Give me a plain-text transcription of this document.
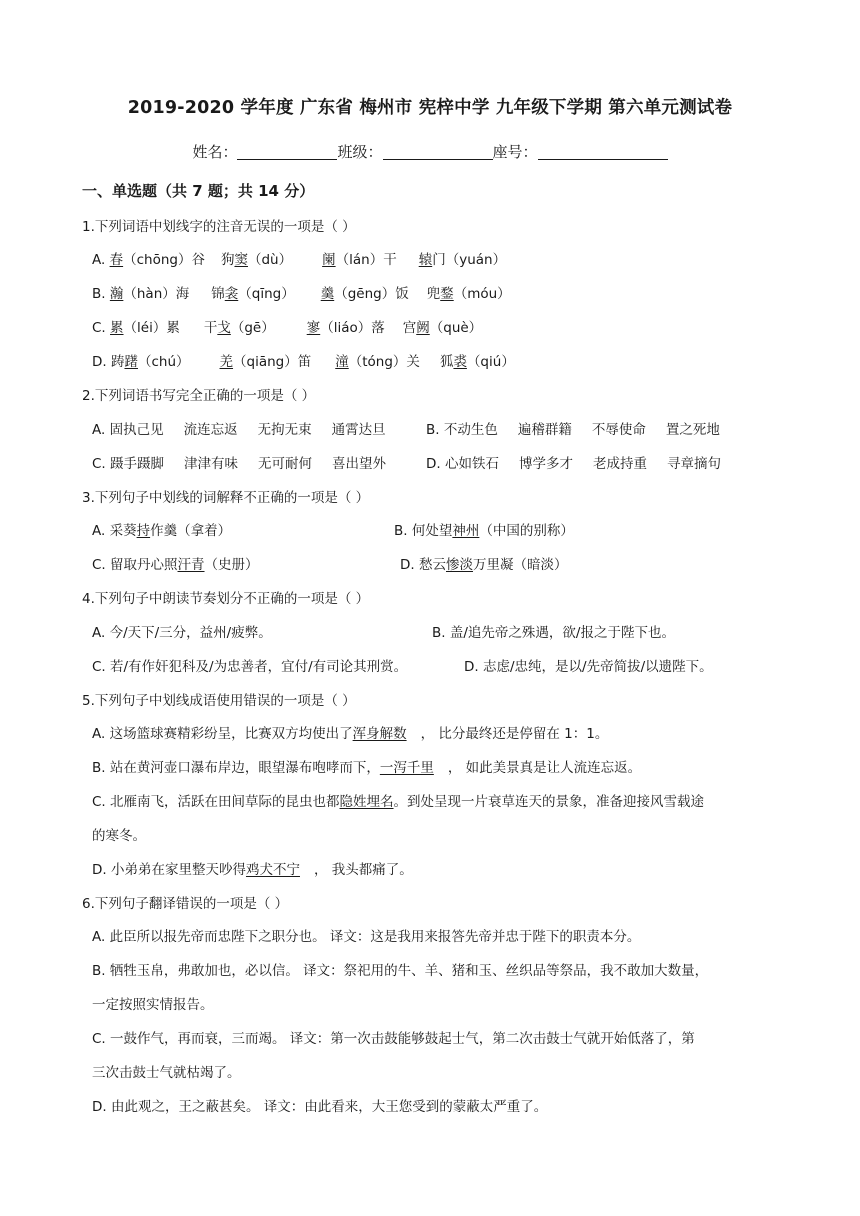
2019-2020 学年度 广东省 梅州市 宪梓中学 九年级下学期 第六单元测试卷
姓名：	班级：	座号：
一、单选题（共 7 题；共 14 分）
1.下列词语中划线字的注音无误的一项是（ ）
A. 春（chōng）谷 狗窦（dù） 阑（lán）干 辕门（yuán）
B. 瀚（hàn）海 锦衾（qīng） 羹（gēng）饭 兜鍪（móu）
C. 累（léi）累 干戈（gē） 寥（liáo）落 宫阙（què）
D. 踌躇（chú） 羌（qiāng）笛 潼（tóng）关 狐裘（qiú）
2.下列词语书写完全正确的一项是（ ）
A. 固执己见 流连忘返 无拘无束 通霄达旦	B. 不动生色 遍稽群籍 不辱使命 置之死地
C. 蹑手蹑脚 津津有味 无可耐何 喜出望外	D. 心如铁石 博学多才 老成持重 寻章摘句
3.下列句子中划线的词解释不正确的一项是（ ）
A. 采葵持作羹（拿着）	B. 何处望神州（中国的别称）
C. 留取丹心照汗青（史册）	D. 愁云惨淡万里凝（暗淡）
4.下列句子中朗读节奏划分不正确的一项是（ ）
A. 今/天下/三分，益州/疲弊。	B. 盖/追先帝之殊遇，欲/报之于陛下也。
C. 若/有作奸犯科及/为忠善者，宜付/有司论其刑赏。	D. 志虑/忠纯，是以/先帝简拔/以遗陛下。
5.下列句子中划线成语使用错误的一项是（ ）
A. 这场篮球赛精彩纷呈，比赛双方均使出了浑身解数 ， 比分最终还是停留在 1：1。
B. 站在黄河壶口瀑布岸边，眼望瀑布咆哮而下，一泻千里 ， 如此美景真是让人流连忘返。
C. 北雁南飞，活跃在田间草际的昆虫也都隐姓埋名。到处呈现一片衰草连天的景象，准备迎接风雪载途
的寒冬。
D. 小弟弟在家里整天吵得鸡犬不宁 ， 我头都痛了。
6.下列句子翻译错误的一项是（ ）
A. 此臣所以报先帝而忠陛下之职分也。 译文：这是我用来报答先帝并忠于陛下的职责本分。
B. 牺牲玉帛，弗敢加也，必以信。 译文：祭祀用的牛、羊、猪和玉、丝织品等祭品，我不敢加大数量，
一定按照实情报告。
C. 一鼓作气，再而衰，三而竭。 译文：第一次击鼓能够鼓起士气，第二次击鼓士气就开始低落了，第
三次击鼓士气就枯竭了。
D. 由此观之，王之蔽甚矣。 译文：由此看来，大王您受到的蒙蔽太严重了。
